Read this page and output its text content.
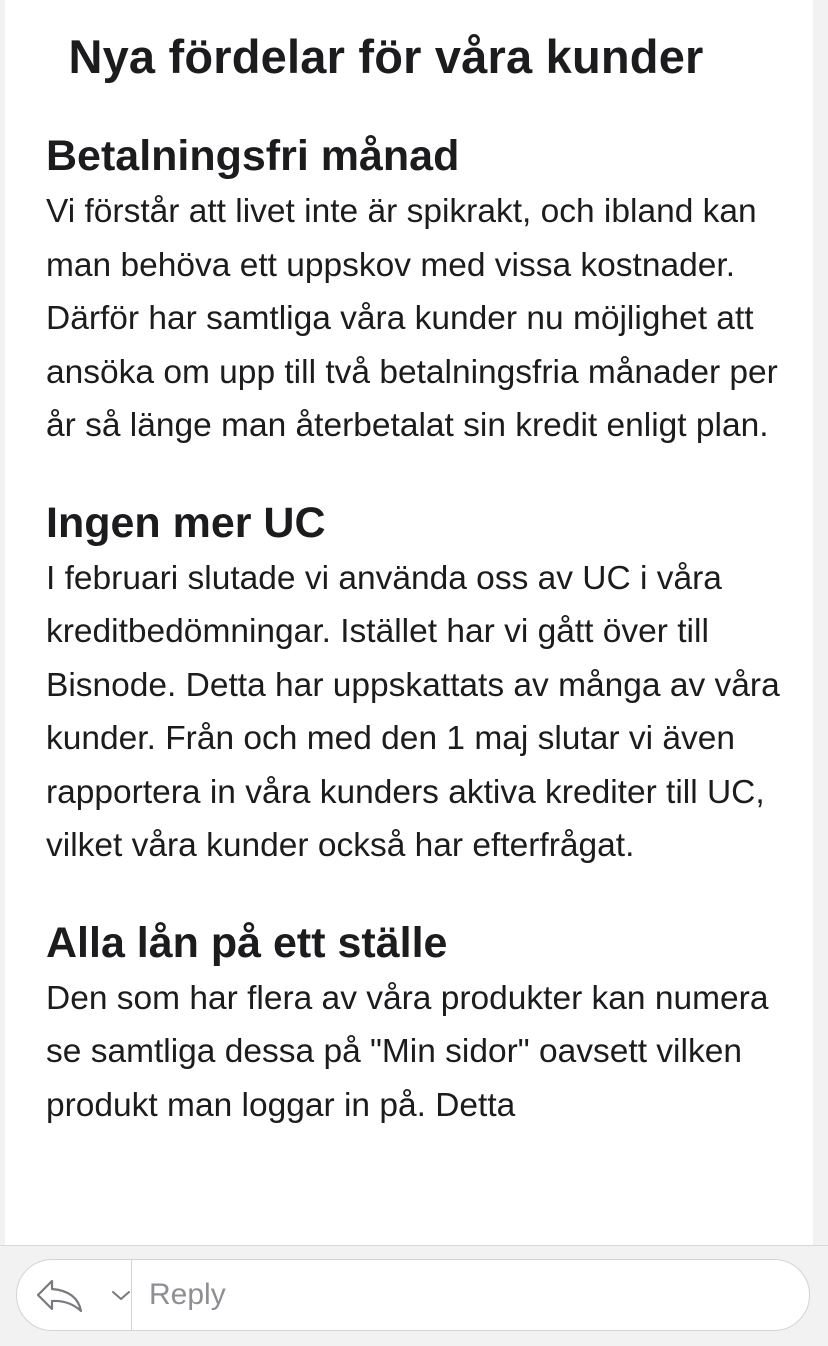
Nya fördelar för våra kunder
Betalningsfri månad

Vi förstår att livet inte är spikrakt, och ibland kan man behöva ett uppskov med vissa kostnader. Därför har samtliga våra kunder nu möjlighet att ansöka om upp till två betalningsfria månader per år så länge man återbetalat sin kredit enligt plan.

Ingen mer UC

I februari slutade vi använda oss av UC i våra kreditbedömningar. Istället har vi gått över till Bisnode. Detta har uppskattats av många av våra kunder. Från och med den 1 maj slutar vi även rapportera in våra kunders aktiva krediter till UC, vilket våra kunder också har efterfrågat.

Alla lån på ett ställe

Den som har flera av våra produkter kan numera se samtliga dessa på "Min sidor" oavsett vilken produkt man loggar in på. Detta

Reply
